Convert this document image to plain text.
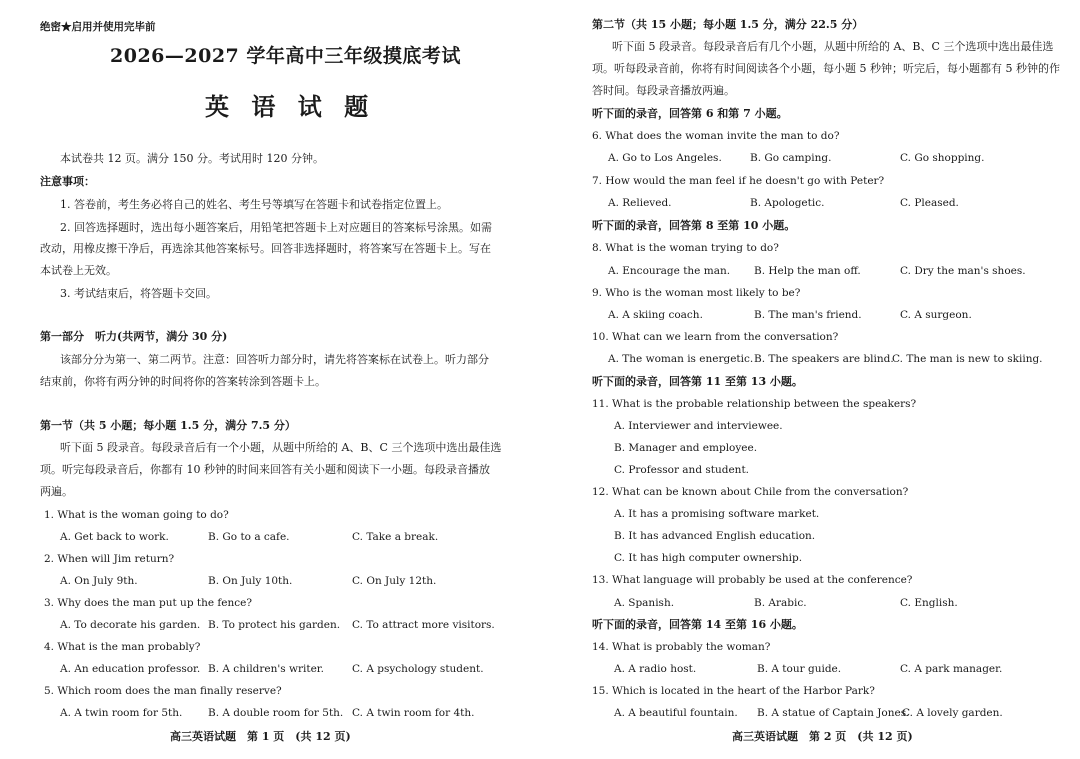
绝密★启用并使用完毕前
2026—2027 学年高中三年级摸底考试
英 语 试 题
本试卷共 12 页。满分 150 分。考试用时 120 分钟。
注意事项：
1. 答卷前，考生务必将自己的姓名、考生号等填写在答题卡和试卷指定位置上。
2. 回答选择题时，选出每小题答案后，用铅笔把答题卡上对应题目的答案标号涂黑。如需
改动，用橡皮擦干净后，再选涂其他答案标号。回答非选择题时，将答案写在答题卡上。写在
本试卷上无效。
3. 考试结束后，将答题卡交回。
第一部分　听力(共两节，满分 30 分)
该部分分为第一、第二两节。注意：回答听力部分时，请先将答案标在试卷上。听力部分
结束前，你将有两分钟的时间将你的答案转涂到答题卡上。
第一节（共 5 小题；每小题 1.5 分，满分 7.5 分）
听下面 5 段录音。每段录音后有一个小题，从题中所给的 A、B、C 三个选项中选出最佳选
项。听完每段录音后，你都有 10 秒钟的时间来回答有关小题和阅读下一小题。每段录音播放
两遍。
1. What is the woman going to do?
A. Get back to work.	B. Go to a cafe.	C. Take a break.
2. When will Jim return?
A. On July 9th.	B. On July 10th.	C. On July 12th.
3. Why does the man put up the fence?
A. To decorate his garden. B. To protect his garden. C. To attract more visitors.
4. What is the man probably?
A. An education professor. B. A children's writer.	C. A psychology student.
5. Which room does the man finally reserve?
A. A twin room for 5th. B. A double room for 5th. C. A twin room for 4th.
高三英语试题　第 1 页　(共 12 页)
第二节（共 15 小题；每小题 1.5 分，满分 22.5 分）
听下面 5 段录音。每段录音后有几个小题，从题中所给的 A、B、C 三个选项中选出最佳选
项。听每段录音前，你将有时间阅读各个小题，每小题 5 秒钟；听完后，每小题都有 5 秒钟的作
答时间。每段录音播放两遍。
听下面的录音，回答第 6 和第 7 小题。
6. What does the woman invite the man to do?
A. Go to Los Angeles.	B. Go camping.	C. Go shopping.
7. How would the man feel if he doesn't go with Peter?
A. Relieved.	B. Apologetic.	C. Pleased.
听下面的录音，回答第 8 至第 10 小题。
8. What is the woman trying to do?
A. Encourage the man. B. Help the man off.	C. Dry the man's shoes.
9. Who is the woman most likely to be?
A. A skiing coach.	B. The man's friend.	C. A surgeon.
10. What can we learn from the conversation?
A. The woman is energetic. B. The speakers are blind.
C. The man is new to skiing.
听下面的录音，回答第 11 至第 13 小题。
11. What is the probable relationship between the speakers?
A. Interviewer and interviewee.
B. Manager and employee.
C. Professor and student.
12. What can be known about Chile from the conversation?
A. It has a promising software market.
B. It has advanced English education.
C. It has high computer ownership.
13. What language will probably be used at the conference?
A. Spanish.	B. Arabic.	C. English.
听下面的录音，回答第 14 至第 16 小题。
14. What is probably the woman?
A. A radio host.	B. A tour guide.	C. A park manager.
15. Which is located in the heart of the Harbor Park?
A. A beautiful fountain. B. A statue of Captain Jones.
C. A lovely garden.
高三英语试题　第 2 页　(共 12 页)
